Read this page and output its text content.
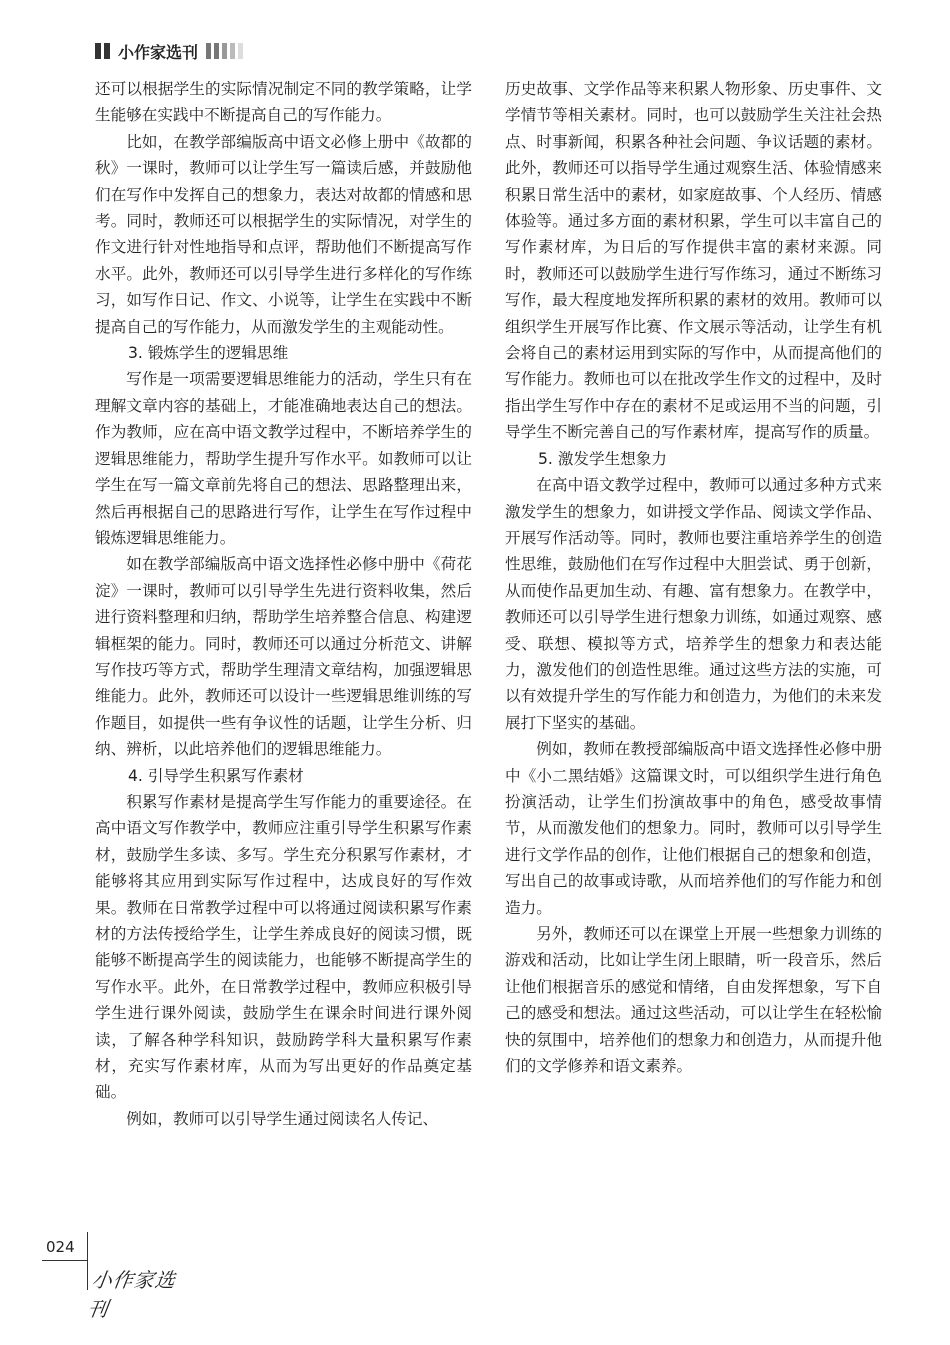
小作家选刊

还可以根据学生的实际情况制定不同的教学策略，让学生能够在实践中不断提高自己的写作能力。

比如，在教学部编版高中语文必修上册中《故都的秋》一课时，教师可以让学生写一篇读后感，并鼓励他们在写作中发挥自己的想象力，表达对故都的情感和思考。同时，教师还可以根据学生的实际情况，对学生的作文进行针对性地指导和点评，帮助他们不断提高写作水平。此外，教师还可以引导学生进行多样化的写作练习，如写作日记、作文、小说等，让学生在实践中不断提高自己的写作能力，从而激发学生的主观能动性。

3. 锻炼学生的逻辑思维

写作是一项需要逻辑思维能力的活动，学生只有在理解文章内容的基础上，才能准确地表达自己的想法。作为教师，应在高中语文教学过程中，不断培养学生的逻辑思维能力，帮助学生提升写作水平。如教师可以让学生在写一篇文章前先将自己的想法、思路整理出来，然后再根据自己的思路进行写作，让学生在写作过程中锻炼逻辑思维能力。

如在教学部编版高中语文选择性必修中册中《荷花淀》一课时，教师可以引导学生先进行资料收集，然后进行资料整理和归纳，帮助学生培养整合信息、构建逻辑框架的能力。同时，教师还可以通过分析范文、讲解写作技巧等方式，帮助学生理清文章结构，加强逻辑思维能力。此外，教师还可以设计一些逻辑思维训练的写作题目，如提供一些有争议性的话题，让学生分析、归纳、辨析，以此培养他们的逻辑思维能力。

4. 引导学生积累写作素材

积累写作素材是提高学生写作能力的重要途径。在高中语文写作教学中，教师应注重引导学生积累写作素材，鼓励学生多读、多写。学生充分积累写作素材，才能够将其应用到实际写作过程中，达成良好的写作效果。教师在日常教学过程中可以将通过阅读积累写作素材的方法传授给学生，让学生养成良好的阅读习惯，既能够不断提高学生的阅读能力，也能够不断提高学生的写作水平。此外，在日常教学过程中，教师应积极引导学生进行课外阅读，鼓励学生在课余时间进行课外阅读，了解各种学科知识，鼓励跨学科大量积累写作素材，充实写作素材库，从而为写出更好的作品奠定基础。

例如，教师可以引导学生通过阅读名人传记、

历史故事、文学作品等来积累人物形象、历史事件、文学情节等相关素材。同时，也可以鼓励学生关注社会热点、时事新闻，积累各种社会问题、争议话题的素材。此外，教师还可以指导学生通过观察生活、体验情感来积累日常生活中的素材，如家庭故事、个人经历、情感体验等。通过多方面的素材积累，学生可以丰富自己的写作素材库，为日后的写作提供丰富的素材来源。同时，教师还可以鼓励学生进行写作练习，通过不断练习写作，最大程度地发挥所积累的素材的效用。教师可以组织学生开展写作比赛、作文展示等活动，让学生有机会将自己的素材运用到实际的写作中，从而提高他们的写作能力。教师也可以在批改学生作文的过程中，及时指出学生写作中存在的素材不足或运用不当的问题，引导学生不断完善自己的写作素材库，提高写作的质量。

5. 激发学生想象力

在高中语文教学过程中，教师可以通过多种方式来激发学生的想象力，如讲授文学作品、阅读文学作品、开展写作活动等。同时，教师也要注重培养学生的创造性思维，鼓励他们在写作过程中大胆尝试、勇于创新，从而使作品更加生动、有趣、富有想象力。在教学中，教师还可以引导学生进行想象力训练，如通过观察、感受、联想、模拟等方式，培养学生的想象力和表达能力，激发他们的创造性思维。通过这些方法的实施，可以有效提升学生的写作能力和创造力，为他们的未来发展打下坚实的基础。

例如，教师在教授部编版高中语文选择性必修中册中《小二黑结婚》这篇课文时，可以组织学生进行角色扮演活动，让学生们扮演故事中的角色，感受故事情节，从而激发他们的想象力。同时，教师可以引导学生进行文学作品的创作，让他们根据自己的想象和创造，写出自己的故事或诗歌，从而培养他们的写作能力和创造力。

另外，教师还可以在课堂上开展一些想象力训练的游戏和活动，比如让学生闭上眼睛，听一段音乐，然后让他们根据音乐的感觉和情绪，自由发挥想象，写下自己的感受和想法。通过这些活动，可以让学生在轻松愉快的氛围中，培养他们的想象力和创造力，从而提升他们的文学修养和语文素养。

024
小作家选刊
